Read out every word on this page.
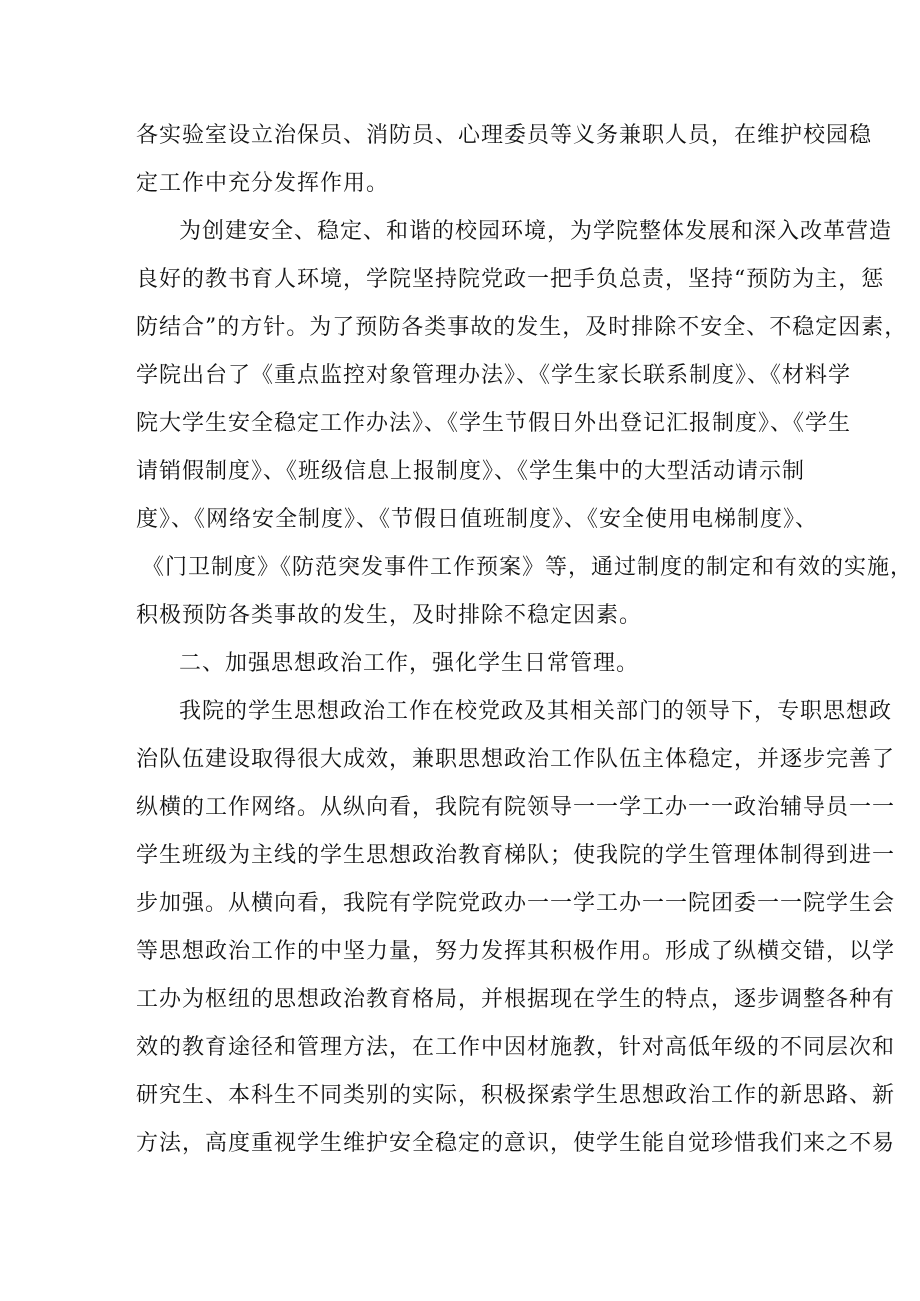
各实验室设立治保员、消防员、心理委员等义务兼职人员，在维护校园稳
定工作中充分发挥作用。
为创建安全、稳定、和谐的校园环境，为学院整体发展和深入改革营造
良好的教书育人环境，学院坚持院党政一把手负总责，坚持“预防为主，惩
防结合”的方针。为了预防各类事故的发生，及时排除不安全、不稳定因素，
学院出台了《重点监控对象管理办法》、《学生家长联系制度》、《材料学
院大学生安全稳定工作办法》、《学生节假日外出登记汇报制度》、《学生
请销假制度》、《班级信息上报制度》、《学生集中的大型活动请示制
度》、《网络安全制度》、《节假日值班制度》、《安全使用电梯制度》、
《门卫制度》《防范突发事件工作预案》等，通过制度的制定和有效的实施，
积极预防各类事故的发生，及时排除不稳定因素。
二、加强思想政治工作，强化学生日常管理。
我院的学生思想政治工作在校党政及其相关部门的领导下，专职思想政
治队伍建设取得很大成效，兼职思想政治工作队伍主体稳定，并逐步完善了
纵横的工作网络。从纵向看，我院有院领导一一学工办一一政治辅导员一一
学生班级为主线的学生思想政治教育梯队；使我院的学生管理体制得到进一
步加强。从横向看，我院有学院党政办一一学工办一一院团委一一院学生会
等思想政治工作的中坚力量，努力发挥其积极作用。形成了纵横交错，以学
工办为枢纽的思想政治教育格局，并根据现在学生的特点，逐步调整各种有
效的教育途径和管理方法，在工作中因材施教，针对高低年级的不同层次和
研究生、本科生不同类别的实际，积极探索学生思想政治工作的新思路、新
方法，高度重视学生维护安全稳定的意识，使学生能自觉珍惜我们来之不易
